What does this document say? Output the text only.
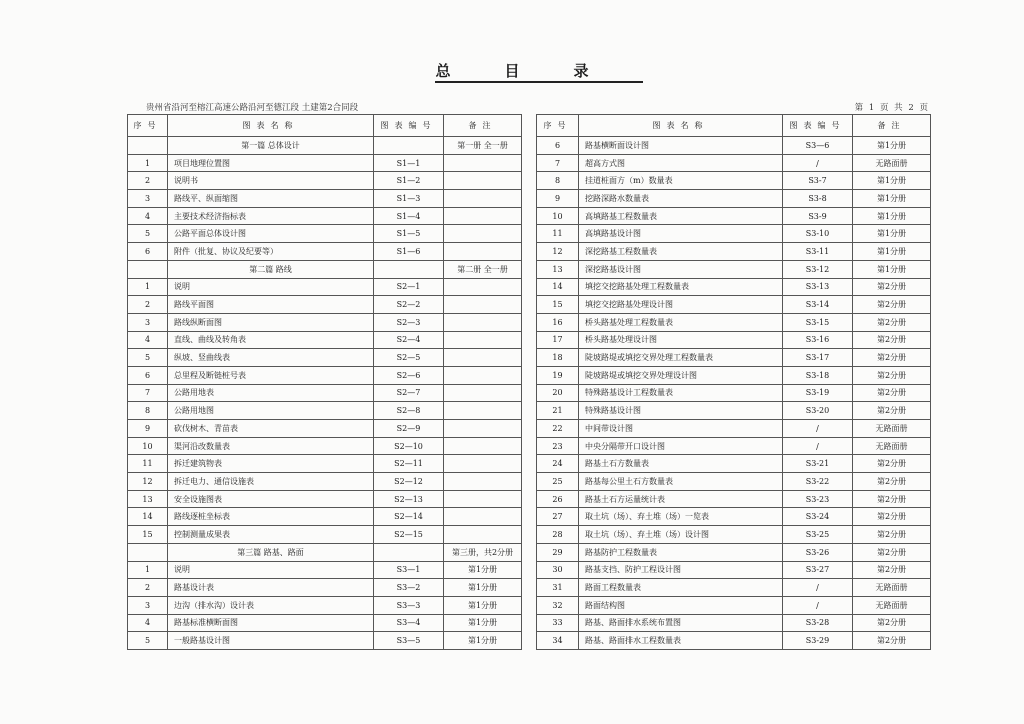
总目录
贵州省沿河至榕江高速公路沿河至德江段 土建第2合同段	第 1 页 共 2 页
序号	图表名称	图表编号	备注
	第一篇 总体设计		第一册 全一册
1	项目地理位置图	S1—1	
2	说明书	S1—2	
3	路线平、纵面缩图	S1—3	
4	主要技术经济指标表	S1—4	
5	公路平面总体设计图	S1—5	
6	附件（批复、协议及纪要等）	S1—6	
	第二篇 路线		第二册 全一册
1	说明	S2—1	
2	路线平面图	S2—2	
3	路线纵断面图	S2—3	
4	直线、曲线及转角表	S2—4	
5	纵坡、竖曲线表	S2—5	
6	总里程及断链桩号表	S2—6	
7	公路用地表	S2—7	
8	公路用地图	S2—8	
9	砍伐树木、青苗表	S2—9	
10	渠河沿改数量表	S2—10	
11	拆迁建筑物表	S2—11	
12	拆迁电力、通信设施表	S2—12	
13	安全设施图表	S2—13	
14	路线逐桩坐标表	S2—14	
15	控制测量成果表	S2—15	
	第三篇 路基、路面		第三册，共2分册
1	说明	S3—1	第1分册
2	路基设计表	S3—2	第1分册
3	边沟（排水沟）设计表	S3—3	第1分册
4	路基标准横断面图	S3—4	第1分册
5	一般路基设计图	S3—5	第1分册
序号	图表名称	图表编号	备注
6	路基横断面设计图	S3—6	第1分册
7	超高方式图	/	无路面册
8	挂道桩面方（m）数量表	S3-7	第1分册
9	挖路深路水数量表	S3-8	第1分册
10	高填路基工程数量表	S3-9	第1分册
11	高填路基设计图	S3-10	第1分册
12	深挖路基工程数量表	S3-11	第1分册
13	深挖路基设计图	S3-12	第1分册
14	填挖交挖路基处理工程数量表	S3-13	第2分册
15	填挖交挖路基处理设计图	S3-14	第2分册
16	桥头路基处理工程数量表	S3-15	第2分册
17	桥头路基处理设计图	S3-16	第2分册
18	陡坡路堤或填挖交界处理工程数量表	S3-17	第2分册
19	陡坡路堤或填挖交界处理设计图	S3-18	第2分册
20	特殊路基设计工程数量表	S3-19	第2分册
21	特殊路基设计图	S3-20	第2分册
22	中间带设计图	/	无路面册
23	中央分隔带开口设计图	/	无路面册
24	路基土石方数量表	S3-21	第2分册
25	路基每公里土石方数量表	S3-22	第2分册
26	路基土石方运量统计表	S3-23	第2分册
27	取土坑（场）、弃土堆（场）一览表	S3-24	第2分册
28	取土坑（场）、弃土堆（场）设计图	S3-25	第2分册
29	路基防护工程数量表	S3-26	第2分册
30	路基支挡、防护工程设计图	S3-27	第2分册
31	路面工程数量表	/	无路面册
32	路面结构图	/	无路面册
33	路基、路面排水系统布置图	S3-28	第2分册
34	路基、路面排水工程数量表	S3-29	第2分册
